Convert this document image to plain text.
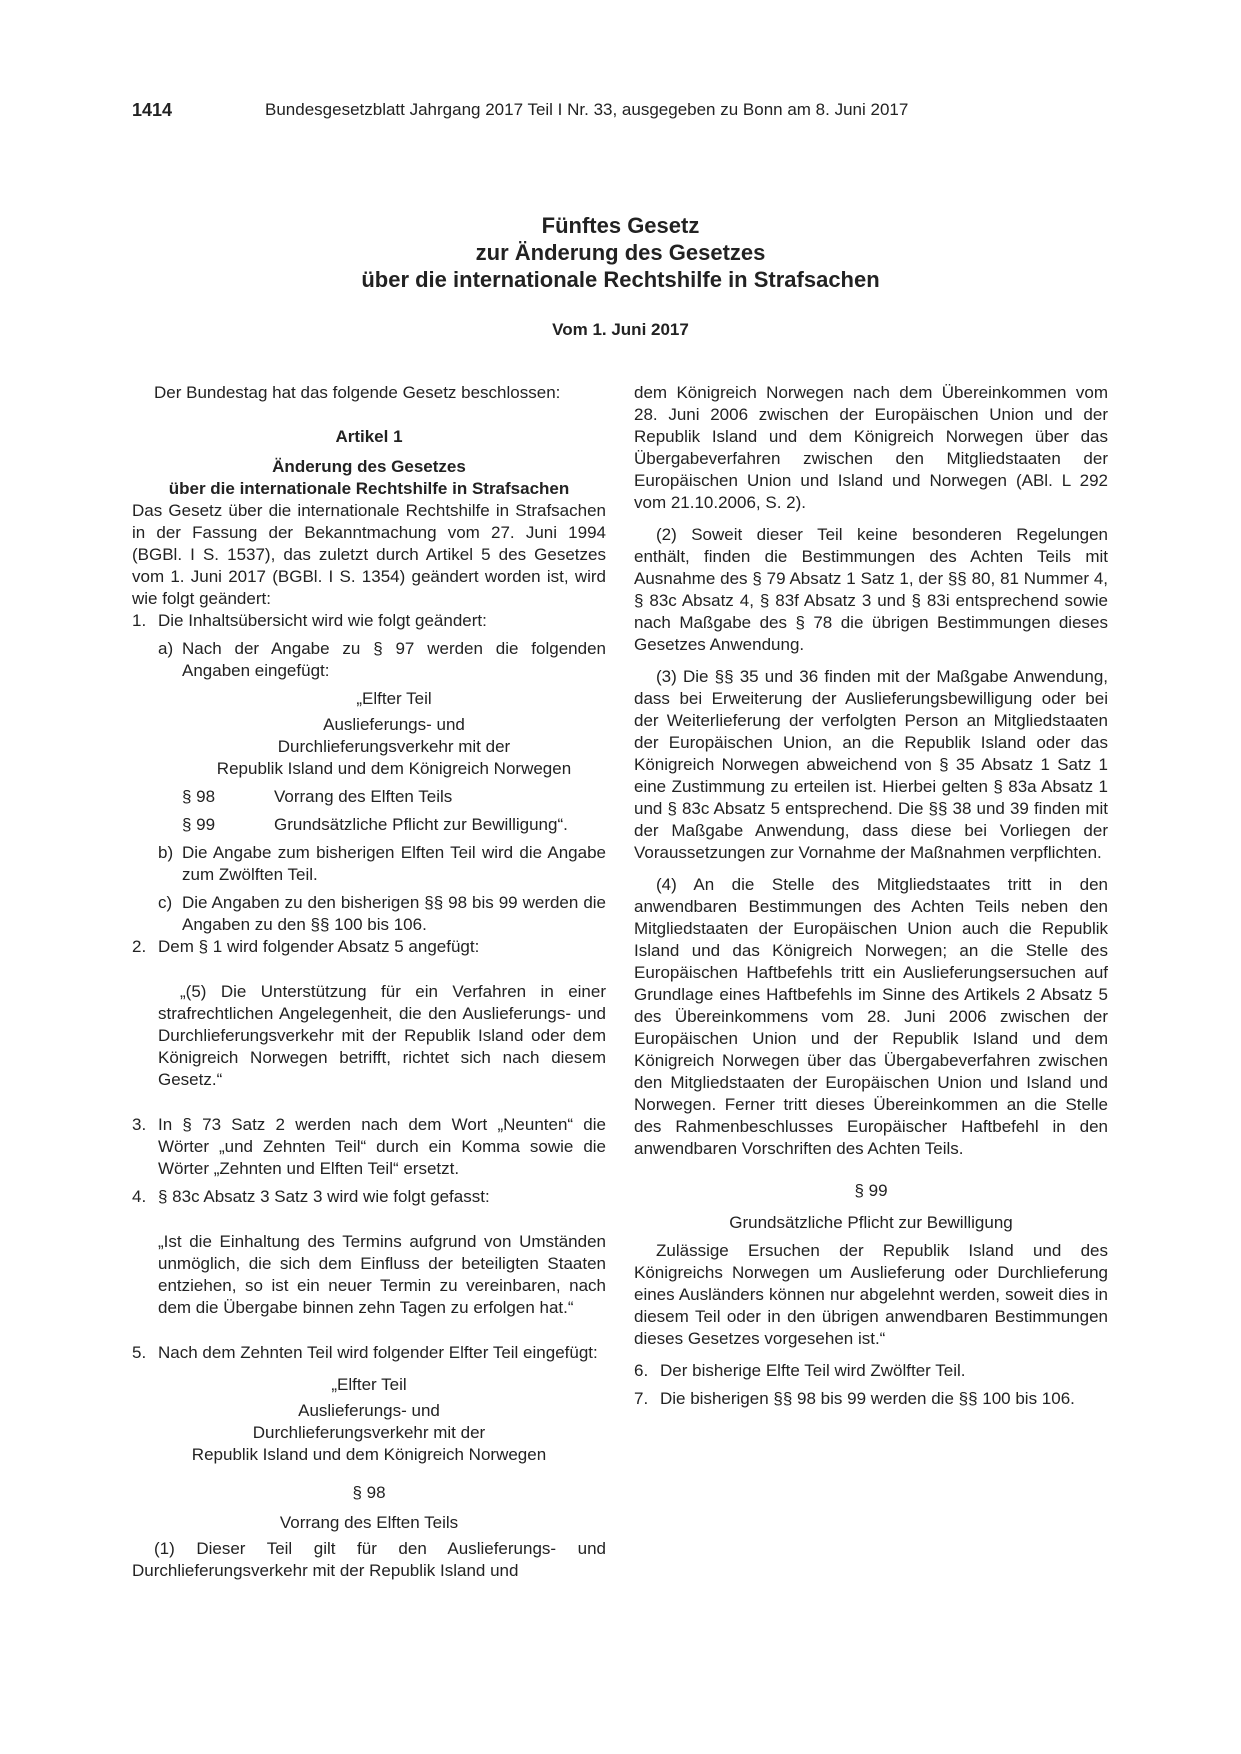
1414	Bundesgesetzblatt Jahrgang 2017 Teil I Nr. 33, ausgegeben zu Bonn am 8. Juni 2017
Fünftes Gesetz
zur Änderung des Gesetzes
über die internationale Rechtshilfe in Strafsachen
Vom 1. Juni 2017

Der Bundestag hat das folgende Gesetz beschlossen:

Artikel 1
Änderung des Gesetzes
über die internationale Rechtshilfe in Strafsachen

Das Gesetz über die internationale Rechtshilfe in Strafsachen in der Fassung der Bekanntmachung vom 27. Juni 1994 (BGBl. I S. 1537), das zuletzt durch Artikel 5 des Gesetzes vom 1. Juni 2017 (BGBl. I S. 1354) geändert worden ist, wird wie folgt geändert:

1. Die Inhaltsübersicht wird wie folgt geändert:
a) Nach der Angabe zu § 97 werden die folgenden Angaben eingefügt:
„Elfter Teil
Auslieferungs- und
Durchlieferungsverkehr mit der
Republik Island und dem Königreich Norwegen
§ 98	Vorrang des Elften Teils
§ 99	Grundsätzliche Pflicht zur Bewilligung“.
b) Die Angabe zum bisherigen Elften Teil wird die Angabe zum Zwölften Teil.
c) Die Angaben zu den bisherigen §§ 98 bis 99 werden die Angaben zu den §§ 100 bis 106.
2. Dem § 1 wird folgender Absatz 5 angefügt:

„(5) Die Unterstützung für ein Verfahren in einer strafrechtlichen Angelegenheit, die den Auslieferungs- und Durchlieferungsverkehr mit der Republik Island oder dem Königreich Norwegen betrifft, richtet sich nach diesem Gesetz.“

3. In § 73 Satz 2 werden nach dem Wort „Neunten“ die Wörter „und Zehnten Teil“ durch ein Komma sowie die Wörter „Zehnten und Elften Teil“ ersetzt.
4. § 83c Absatz 3 Satz 3 wird wie folgt gefasst:

„Ist die Einhaltung des Termins aufgrund von Umständen unmöglich, die sich dem Einfluss der beteiligten Staaten entziehen, so ist ein neuer Termin zu vereinbaren, nach dem die Übergabe binnen zehn Tagen zu erfolgen hat.“

5. Nach dem Zehnten Teil wird folgender Elfter Teil eingefügt:
„Elfter Teil
Auslieferungs- und
Durchlieferungsverkehr mit der
Republik Island und dem Königreich Norwegen
§ 98
Vorrang des Elften Teils

(1) Dieser Teil gilt für den Auslieferungs- und Durchlieferungsverkehr mit der Republik Island und

dem Königreich Norwegen nach dem Übereinkommen vom 28. Juni 2006 zwischen der Europäischen Union und der Republik Island und dem Königreich Norwegen über das Übergabeverfahren zwischen den Mitgliedstaaten der Europäischen Union und Island und Norwegen (ABl. L 292 vom 21.10.2006, S. 2).

(2) Soweit dieser Teil keine besonderen Regelungen enthält, finden die Bestimmungen des Achten Teils mit Ausnahme des § 79 Absatz 1 Satz 1, der §§ 80, 81 Nummer 4, § 83c Absatz 4, § 83f Absatz 3 und § 83i entsprechend sowie nach Maßgabe des § 78 die übrigen Bestimmungen dieses Gesetzes Anwendung.

(3) Die §§ 35 und 36 finden mit der Maßgabe Anwendung, dass bei Erweiterung der Auslieferungsbewilligung oder bei der Weiterlieferung der verfolgten Person an Mitgliedstaaten der Europäischen Union, an die Republik Island oder das Königreich Norwegen abweichend von § 35 Absatz 1 Satz 1 eine Zustimmung zu erteilen ist. Hierbei gelten § 83a Absatz 1 und § 83c Absatz 5 entsprechend. Die §§ 38 und 39 finden mit der Maßgabe Anwendung, dass diese bei Vorliegen der Voraussetzungen zur Vornahme der Maßnahmen verpflichten.

(4) An die Stelle des Mitgliedstaates tritt in den anwendbaren Bestimmungen des Achten Teils neben den Mitgliedstaaten der Europäischen Union auch die Republik Island und das Königreich Norwegen; an die Stelle des Europäischen Haftbefehls tritt ein Auslieferungsersuchen auf Grundlage eines Haftbefehls im Sinne des Artikels 2 Absatz 5 des Übereinkommens vom 28. Juni 2006 zwischen der Europäischen Union und der Republik Island und dem Königreich Norwegen über das Übergabeverfahren zwischen den Mitgliedstaaten der Europäischen Union und Island und Norwegen. Ferner tritt dieses Übereinkommen an die Stelle des Rahmenbeschlusses Europäischer Haftbefehl in den anwendbaren Vorschriften des Achten Teils.

§ 99
Grundsätzliche Pflicht zur Bewilligung

Zulässige Ersuchen der Republik Island und des Königreichs Norwegen um Auslieferung oder Durchlieferung eines Ausländers können nur abgelehnt werden, soweit dies in diesem Teil oder in den übrigen anwendbaren Bestimmungen dieses Gesetzes vorgesehen ist.“

6. Der bisherige Elfte Teil wird Zwölfter Teil.
7. Die bisherigen §§ 98 bis 99 werden die §§ 100 bis 106.
